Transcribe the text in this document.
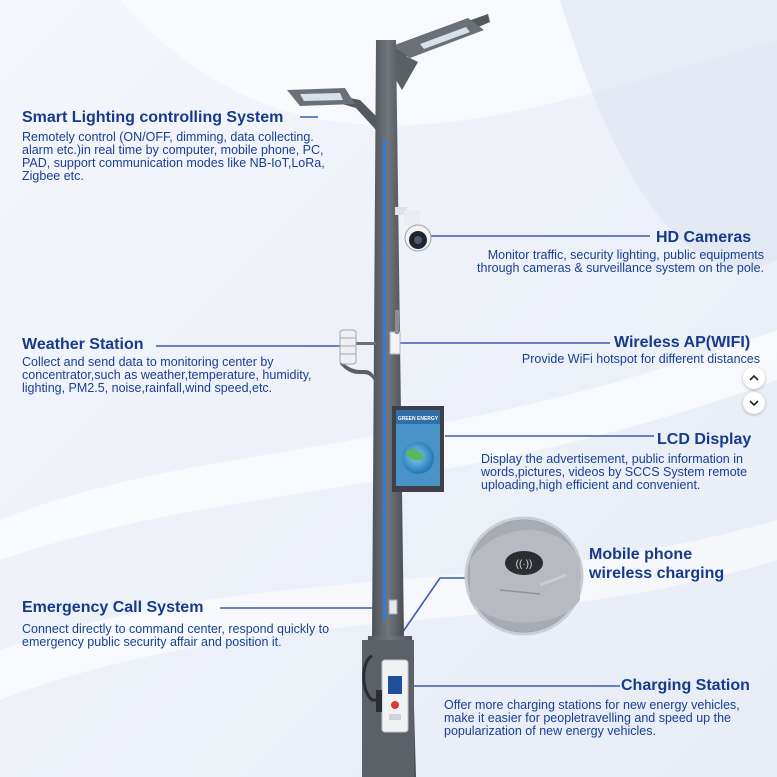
GREEN ENERGY
((·))
Smart Lighting controlling System
Remotely control (ON/OFF, dimming, data collecting. alarm etc.)in real time by computer, mobile phone, PC, PAD, support communication modes like NB-IoT,LoRa, Zigbee etc.
HD Cameras
Monitor traffic, security lighting, public equipments through cameras & surveillance system on the pole.
Weather Station
Collect and send data to monitoring center by concentrator,such as weather,temperature, humidity, lighting, PM2.5, noise,rainfall,wind speed,etc.
Wireless AP(WIFI)
Provide WiFi hotspot for different distances
LCD Display
Display the advertisement, public information in words,pictures, videos by SCCS System remote uploading,high efficient and convenient.
Mobile phone
wireless charging
Emergency Call System
Connect directly to command center, respond quickly to emergency public security affair and position it.
Charging Station
Offer more charging stations for new energy vehicles, make it easier for peopletravelling and speed up the popularization of new energy vehicles.
